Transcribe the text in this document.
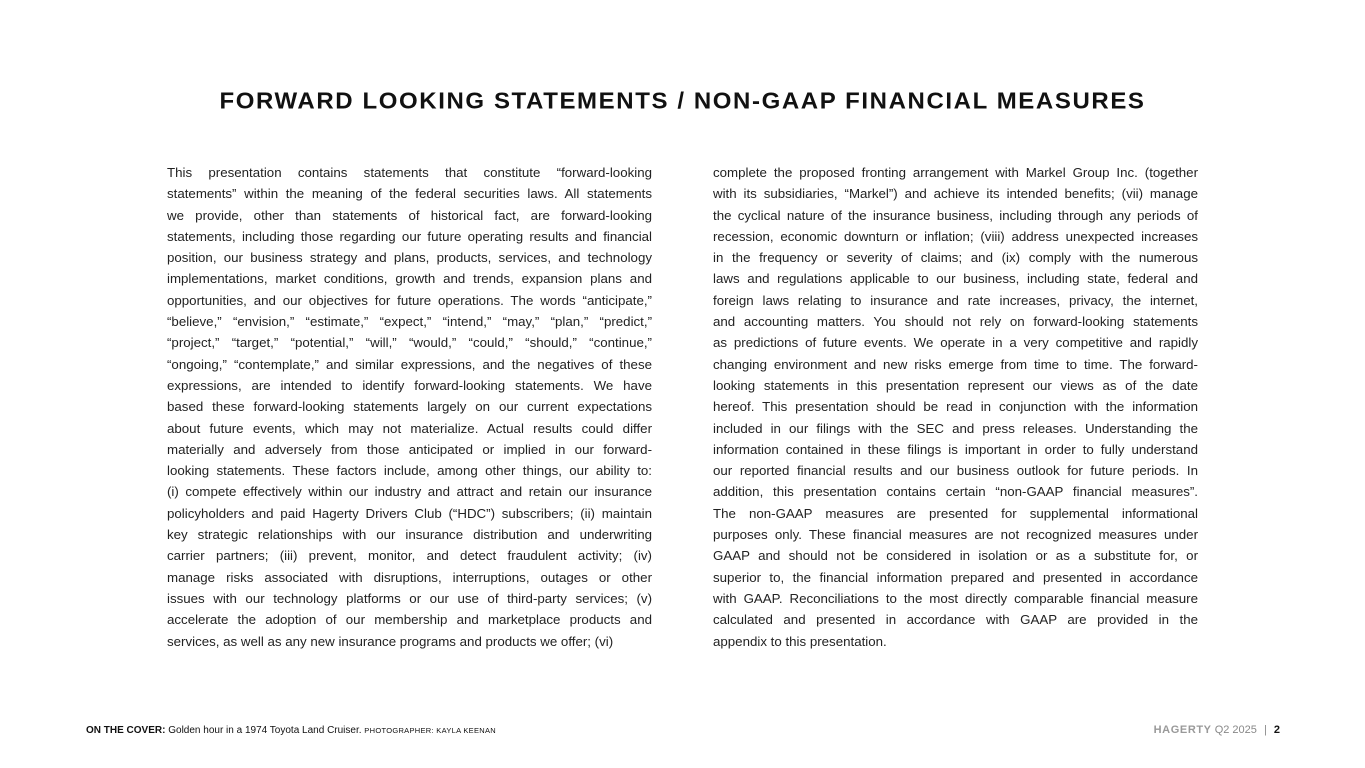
FORWARD LOOKING STATEMENTS / NON-GAAP FINANCIAL MEASURES
This presentation contains statements that constitute “forward-looking
statements” within the meaning of the federal securities laws. All statements
we provide, other than statements of historical fact, are forward-looking
statements, including those regarding our future operating results and financial
position, our business strategy and plans, products, services, and technology
implementations, market conditions, growth and trends, expansion plans and
opportunities, and our objectives for future operations. The words “anticipate,”
“believe,” “envision,” “estimate,” “expect,” “intend,” “may,” “plan,” “predict,”
“project,” “target,” “potential,” “will,” “would,” “could,” “should,” “continue,”
“ongoing,” “contemplate,” and similar expressions, and the negatives of these
expressions, are intended to identify forward-looking statements. We have
based these forward-looking statements largely on our current expectations
about future events, which may not materialize. Actual results could differ
materially and adversely from those anticipated or implied in our forward-
looking statements. These factors include, among other things, our ability to:
(i) compete effectively within our industry and attract and retain our insurance
policyholders and paid Hagerty Drivers Club (“HDC”) subscribers; (ii) maintain
key strategic relationships with our insurance distribution and underwriting
carrier partners; (iii) prevent, monitor, and detect fraudulent activity; (iv)
manage risks associated with disruptions, interruptions, outages or other
issues with our technology platforms or our use of third-party services; (v)
accelerate the adoption of our membership and marketplace products and
services, as well as any new insurance programs and products we offer; (vi)
complete the proposed fronting arrangement with Markel Group Inc. (together
with its subsidiaries, “Markel”) and achieve its intended benefits; (vii) manage
the cyclical nature of the insurance business, including through any periods of
recession, economic downturn or inflation; (viii) address unexpected increases
in the frequency or severity of claims; and (ix) comply with the numerous
laws and regulations applicable to our business, including state, federal and
foreign laws relating to insurance and rate increases, privacy, the internet,
and accounting matters. You should not rely on forward-looking statements
as predictions of future events. We operate in a very competitive and rapidly
changing environment and new risks emerge from time to time. The forward-
looking statements in this presentation represent our views as of the date
hereof. This presentation should be read in conjunction with the information
included in our filings with the SEC and press releases. Understanding the
information contained in these filings is important in order to fully understand
our reported financial results and our business outlook for future periods. In
addition, this presentation contains certain “non-GAAP financial measures”.
The non-GAAP measures are presented for supplemental informational
purposes only. These financial measures are not recognized measures under
GAAP and should not be considered in isolation or as a substitute for, or
superior to, the financial information prepared and presented in accordance
with GAAP. Reconciliations to the most directly comparable financial measure
calculated and presented in accordance with GAAP are provided in the
appendix to this presentation.
ON THE COVER: Golden hour in a 1974 Toyota Land Cruiser. PHOTOGRAPHER: KAYLA KEENAN	HAGERTY Q2 2025 | 2
